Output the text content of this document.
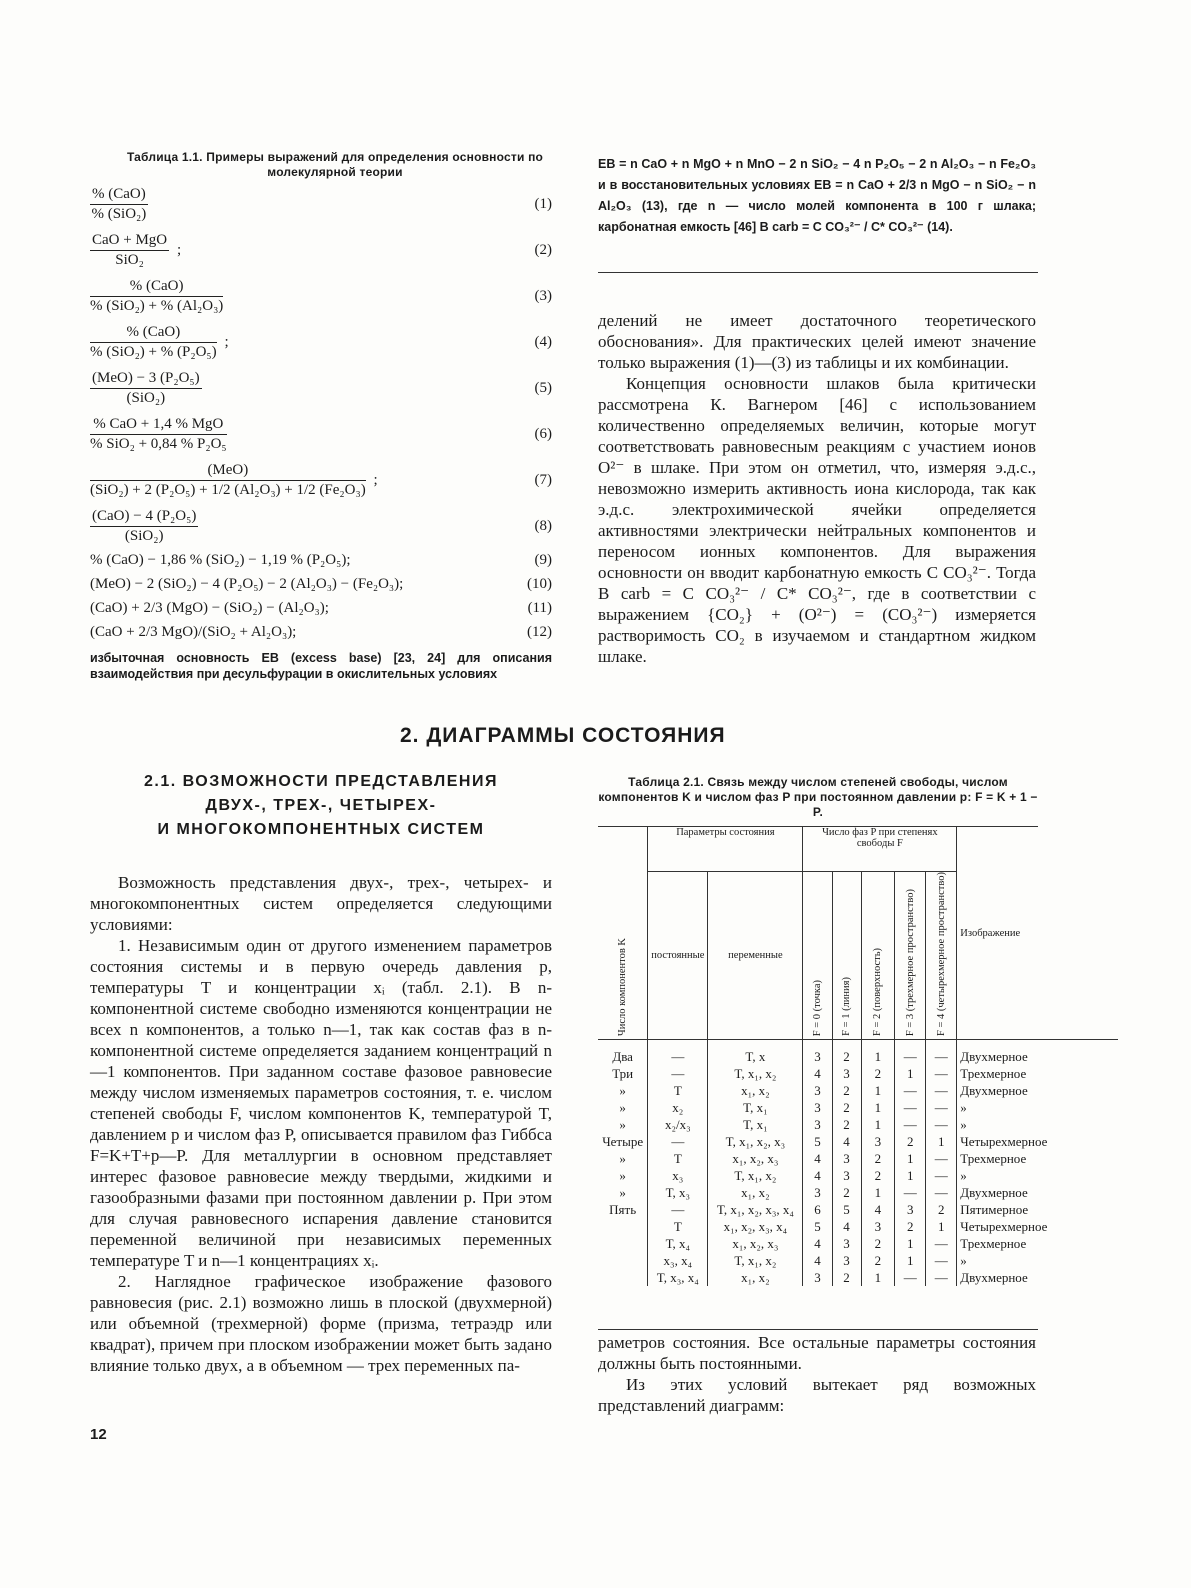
Таблица 1.1. Примеры выражений для определения основности по молекулярной теории
% (CaO)
% (SiO₂)
(1)
CaO + MgO
SiO₂
;	(2)
% (CaO)
% (SiO₂) + % (Al₂O₃)
(3)
% (CaO)
% (SiO₂) + % (P₂O₅)
;	(4)
(MeO) − 3 (P₂O₅)
(SiO₂)
(5)
% CaO + 1,4 % MgO
% SiO₂ + 0,84 % P₂O₅
(6)
(MeO)
(SiO₂) + 2 (P₂O₅) + 1/2 (Al₂O₃) + 1/2 (Fe₂O₃)
;	(7)
(CaO) − 4 (P₂O₅)
(SiO₂)
(8)
% (CaO) − 1,86 % (SiO₂) − 1,19 % (P₂O₅);	(9)
(MeO) − 2 (SiO₂) − 4 (P₂O₅) − 2 (Al₂O₃) − (Fe₂O₃);	(10)
(CaO) + 2/3 (MgO) − (SiO₂) − (Al₂O₃);	(11)
(CaO + 2/3 MgO)/(SiO₂ + Al₂O₃);	(12)
избыточная основность ЕВ (excess base) [23, 24] для описания взаимодействия при десульфурации в окислительных условиях
ЕВ = n CaO + n MgO + n MnO − 2 n SiO₂ − 4 n P₂O₅ − 2 n Al₂O₃ − n Fe₂O₃ и в восстановительных условиях ЕВ = n CaO + 2/3 n MgO − n SiO₂ − n Al₂O₃ (13), где n — число молей компонента в 100 г шлака; карбонатная емкость [46] B carb = C CO₃²⁻ / C* CO₃²⁻ (14).

делений не имеет достаточного теоретического обоснования». Для практических целей имеют значение только выражения (1)—(3) из таблицы и их комбинации.

Концепция основности шлаков была критически рассмотрена К. Вагнером [46] с использованием количественно определяемых величин, которые могут соответствовать равновесным реакциям с участием ионов O²⁻ в шлаке. При этом он отметил, что, измеряя э.д.с., невозможно измерить активность иона кислорода, так как э.д.с. электрохимической ячейки определяется активностями электрически нейтральных компонентов и переносом ионных компонентов. Для выражения основности он вводит карбонатную емкость C CO₃²⁻. Тогда B carb = C CO₃²⁻ / C* CO₃²⁻, где в соответствии с выражением {CO₂} + (O²⁻) = (CO₃²⁻) измеряется растворимость CO₂ в изучаемом и стандартном жидком шлаке.

2. ДИАГРАММЫ СОСТОЯНИЯ
2.1. ВОЗМОЖНОСТИ ПРЕДСТАВЛЕНИЯ
ДВУХ-, ТРЕХ-, ЧЕТЫРЕХ-
И МНОГОКОМПОНЕНТНЫХ СИСТЕМ

Возможность представления двух-, трех-, четырех- и многокомпонентных систем определяется следующими условиями:

1. Независимым один от другого изменением параметров состояния системы и в первую очередь давления p, температуры T и концентрации xᵢ (табл. 2.1). В n-компонентной системе свободно изменяются концентрации не всех n компонентов, а только n—1, так как состав фаз в n-компонентной системе определяется заданием концентраций n—1 компонентов. При заданном составе фазовое равновесие между числом изменяемых параметров состояния, т. е. числом степеней свободы F, числом компонентов K, температурой T, давлением p и числом фаз P, описывается правилом фаз Гиббса F=K+T+p—P. Для металлургии в основном представляет интерес фазовое равновесие между твердыми, жидкими и газообразными фазами при постоянном давлении p. При этом для случая равновесного испарения давление становится переменной величиной при независимых переменных температуре T и n—1 концентрациях xᵢ.

2. Наглядное графическое изображение фазового равновесия (рис. 2.1) возможно лишь в плоской (двухмерной) или объемной (трехмерной) форме (призма, тетраэдр или квадрат), причем при плоском изображении может быть задано влияние только двух, а в объемном — трех переменных па-

Таблица 2.1. Связь между числом степеней свободы, числом компонентов K и числом фаз P при постоянном давлении p: F = K + 1 − P.
Число компонентов K	Параметры состояния		Число фаз P при степенях свободы F					Изображение
	постоянные	переменные	F = 0 (точка)	F = 1 (линия)	F = 2 (поверхность)	F = 3 (трехмерное пространство)	F = 4 (четырехмерное пространство)	
Два	—	T, x	3	2	1	—	—	Двухмерное
Три	—	T, x₁, x₂	4	3	2	1	—	Трехмерное
»	T	x₁, x₂	3	2	1	—	—	Двухмерное
»	x₂	T, x₁	3	2	1	—	—	»
»	x₂/x₃	T, x₁	3	2	1	—	—	»
Четыре	—	T, x₁, x₂, x₃	5	4	3	2	1	Четырехмерное
»	T	x₁, x₂, x₃	4	3	2	1	—	Трехмерное
»	x₃	T, x₁, x₂	4	3	2	1	—	»
»	T, x₃	x₁, x₂	3	2	1	—	—	Двухмерное
Пять	—	T, x₁, x₂, x₃, x₄	6	5	4	3	2	Пятимерное
	T	x₁, x₂, x₃, x₄	5	4	3	2	1	Четырехмерное
	T, x₄	x₁, x₂, x₃	4	3	2	1	—	Трехмерное
	x₃, x₄	T, x₁, x₂	4	3	2	1	—	»
	T, x₃, x₄	x₁, x₂	3	2	1	—	—	Двухмерное

раметров состояния. Все остальные параметры состояния должны быть постоянными.

Из этих условий вытекает ряд возможных представлений диаграмм:

12
